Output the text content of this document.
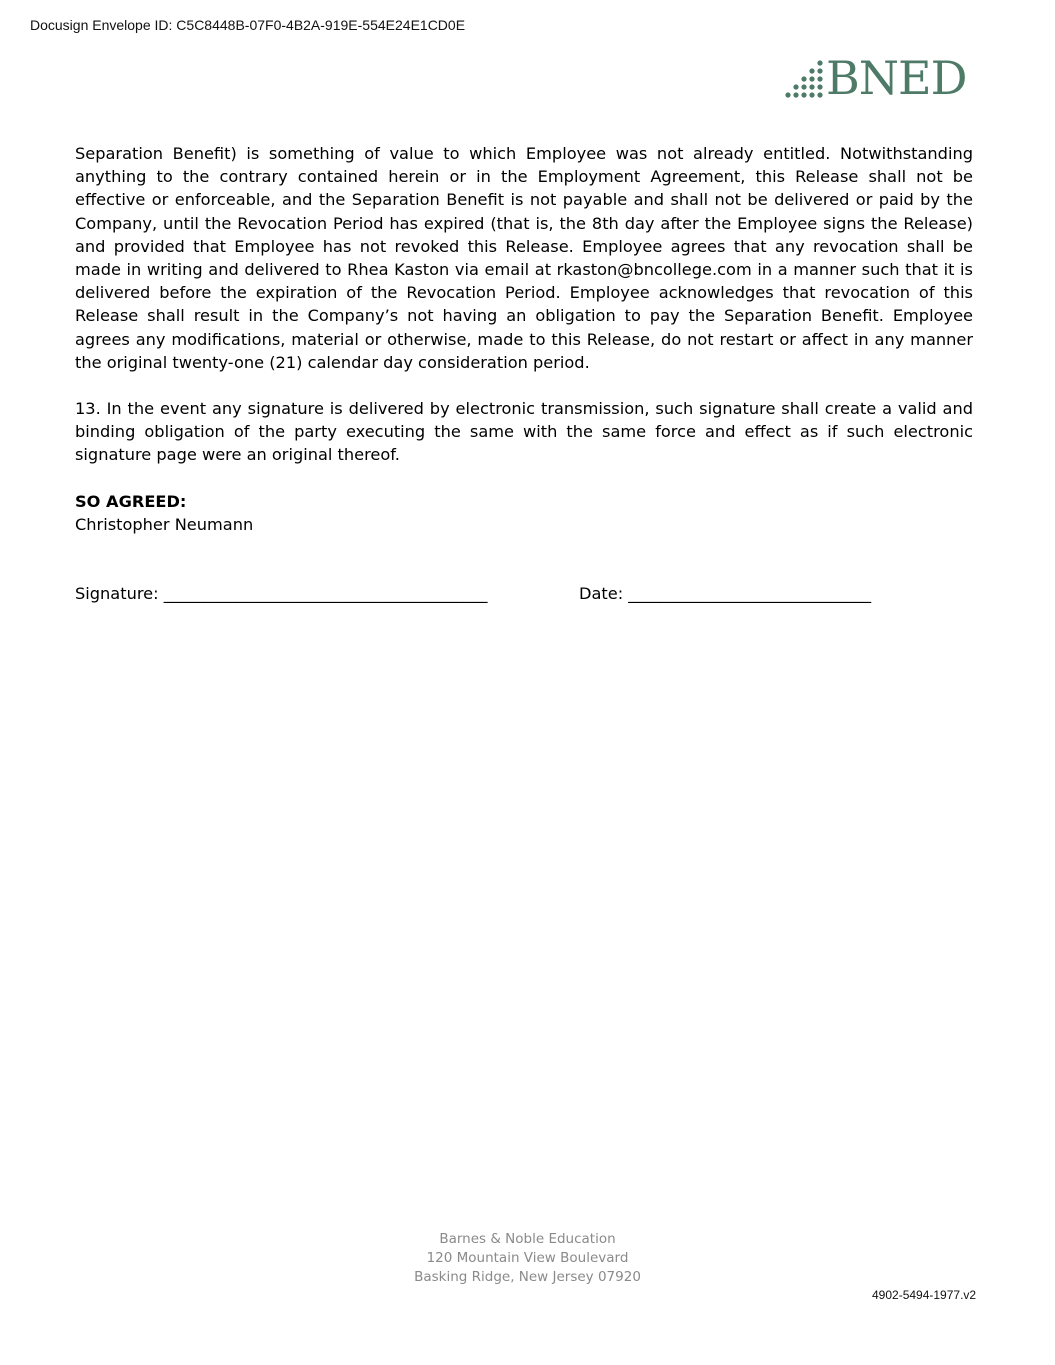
Docusign Envelope ID: C5C8448B-07F0-4B2A-919E-554E24E1CD0E
BNED

Separation Benefit) is something of value to which Employee was not already entitled. Notwithstanding anything to the contrary contained herein or in the Employment Agreement, this Release shall not be effective or enforceable, and the Separation Benefit is not payable and shall not be delivered or paid by the Company, until the Revocation Period has expired (that is, the 8th day after the Employee signs the Release) and provided that Employee has not revoked this Release. Employee agrees that any revocation shall be made in writing and delivered to Rhea Kaston via email at rkaston@bncollege.com in a manner such that it is delivered before the expiration of the Revocation Period. Employee acknowledges that revocation of this Release shall result in the Company’s not having an obligation to pay the Separation Benefit. Employee agrees any modifications, material or otherwise, made to this Release, do not restart or affect in any manner the original twenty-one (21) calendar day consideration period.

13. In the event any signature is delivered by electronic transmission, such signature shall create a valid and binding obligation of the party executing the same with the same force and effect as if such electronic signature page were an original thereof.

SO AGREED:

Christopher Neumann

Signature: ________________________________________	Date: ______________________________
Barnes & Noble Education
120 Mountain View Boulevard
Basking Ridge, New Jersey 07920
4902-5494-1977.v2
